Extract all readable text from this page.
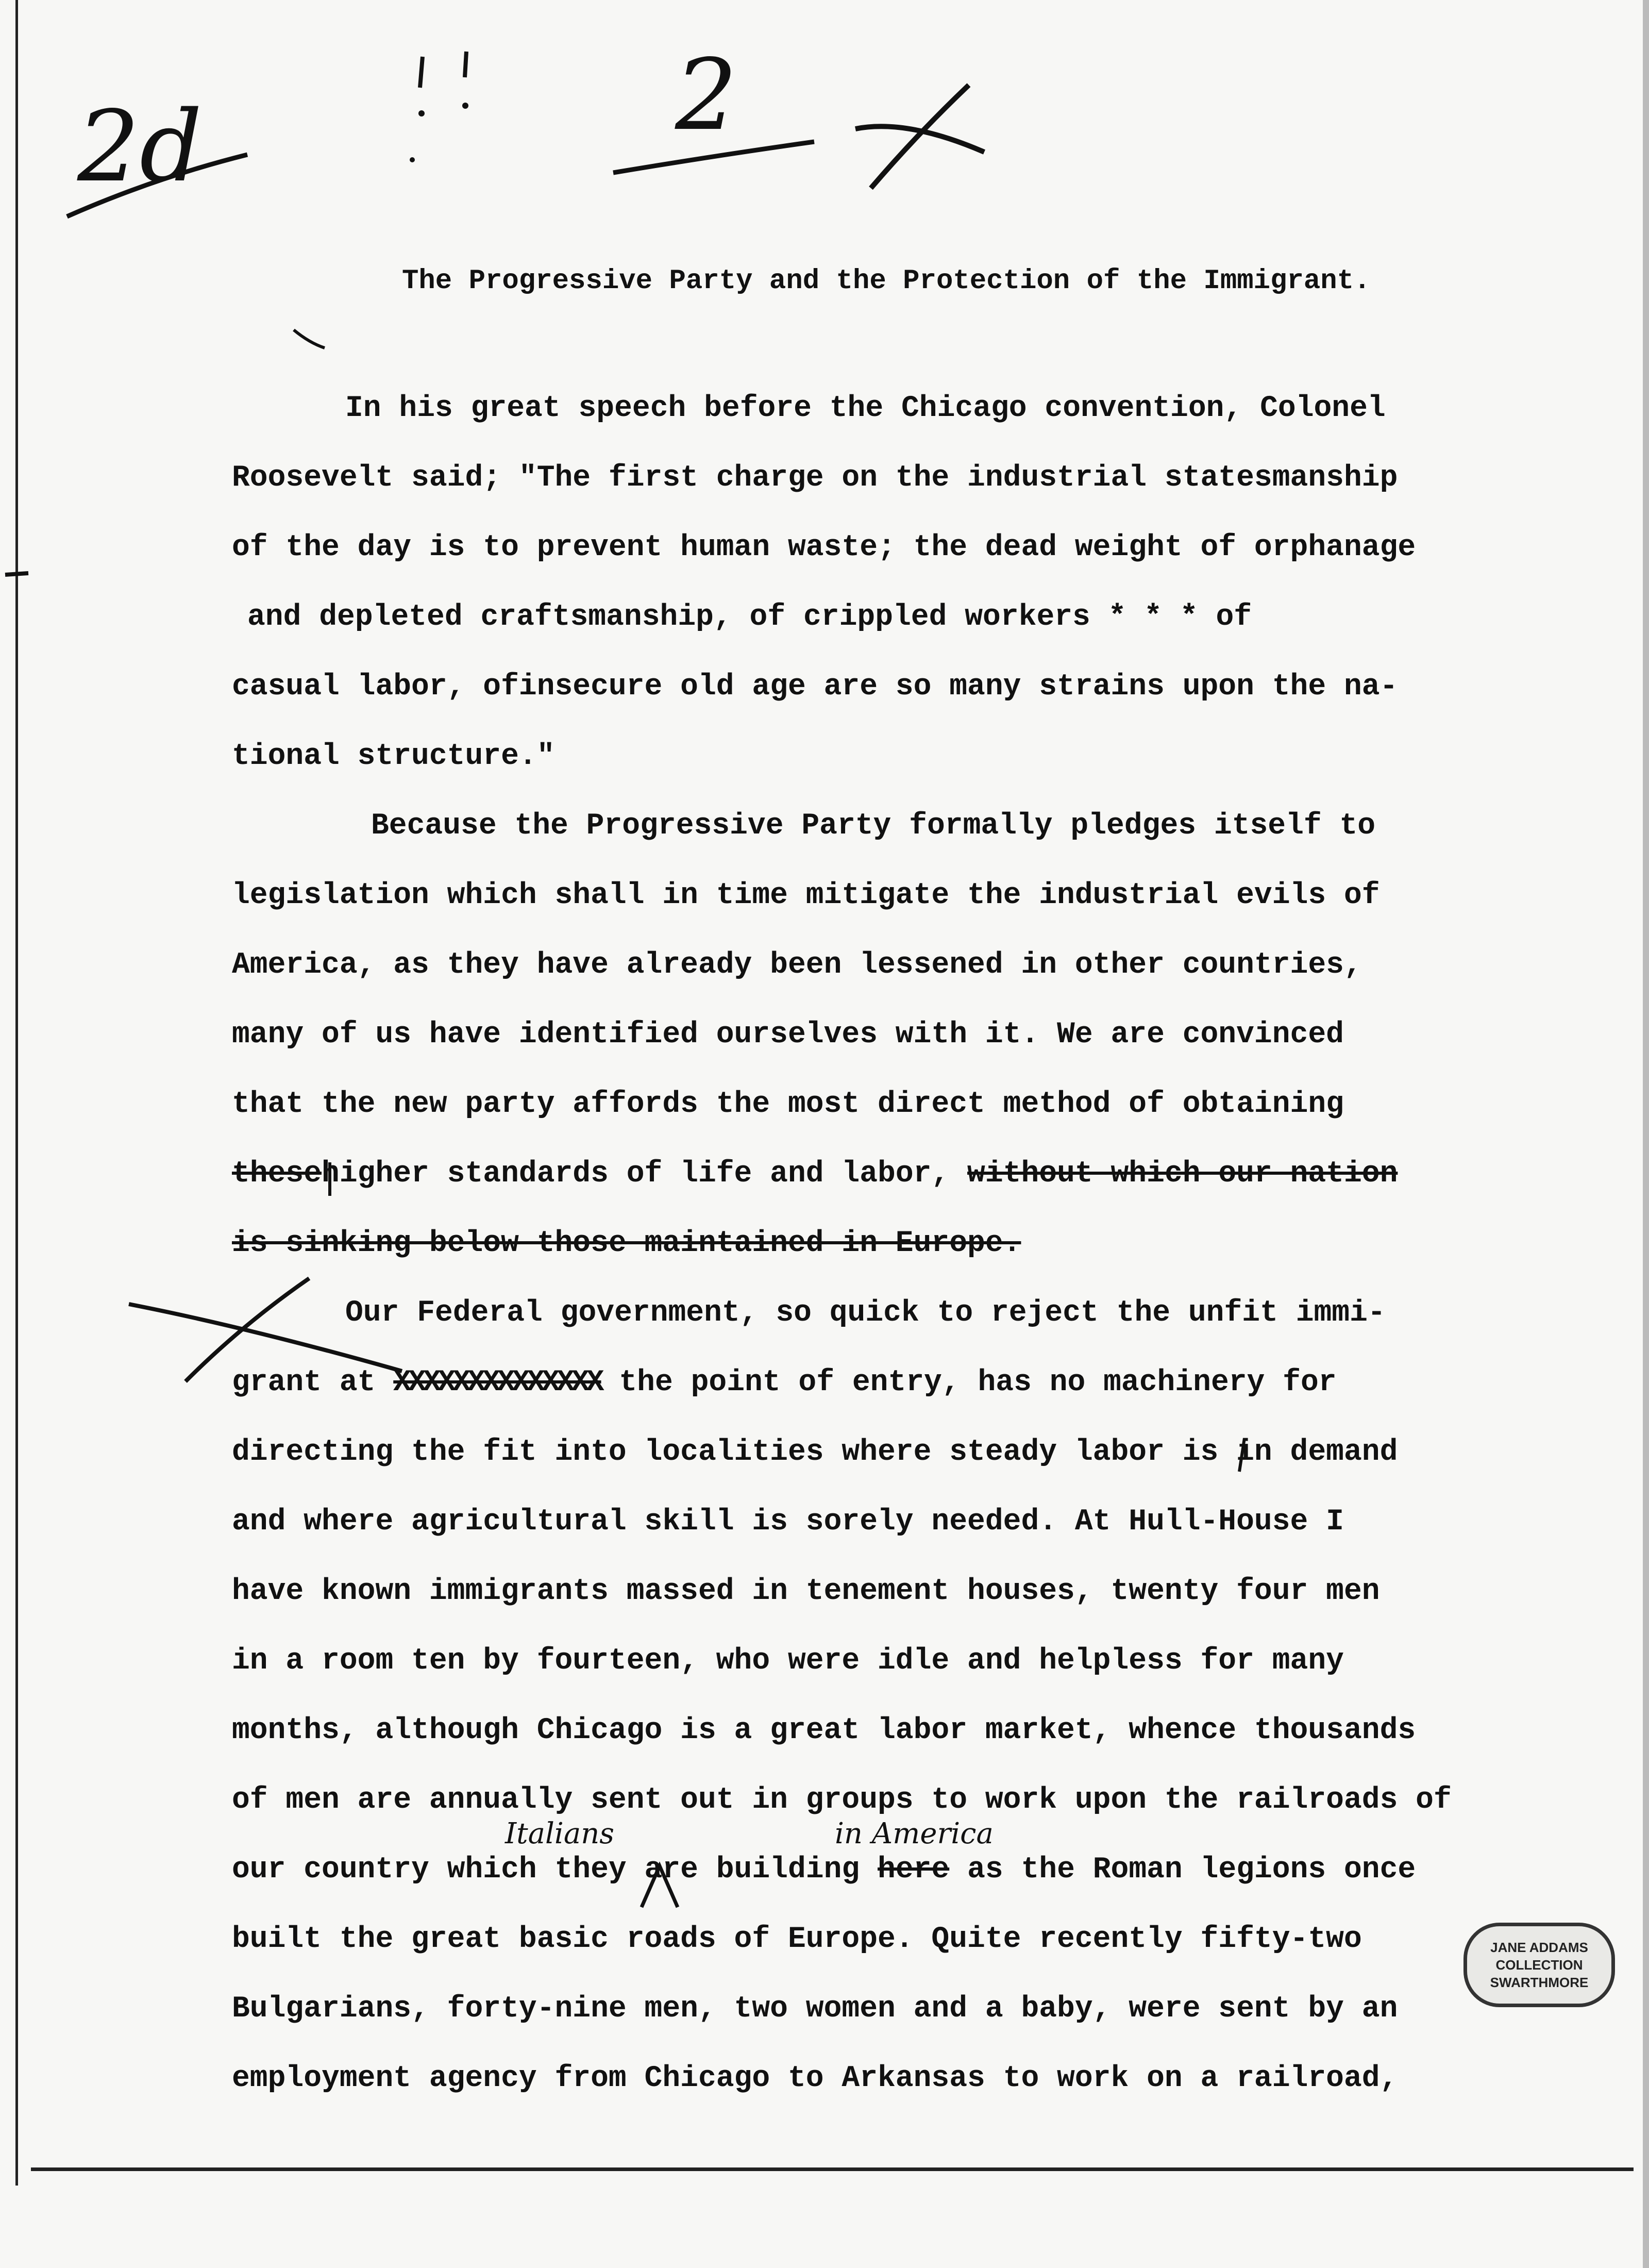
2d	2
The Progressive Party and the Protection of the Immigrant.
In his great speech before the Chicago convention, Colonel
Roosevelt said; "The first charge on the industrial statesmanship
of the day is to prevent human waste; the dead weight of orphanage
and depleted craftsmanship, of crippled workers * * * of
casual labor, ofinsecure old age are so many strains upon the na-
tional structure."
Because the Progressive Party formally pledges itself to
legislation which shall in time mitigate the industrial evils of
America, as they have already been lessened in other countries,
many of us have identified ourselves with it. We are convinced
that the new party affords the most direct method of obtaining
thesehigher standards of life and labor, without which our nation
is sinking below those maintained in Europe.
Our Federal government, so quick to reject the unfit immi-
grant at XXXXXXXXXXXXXX the point of entry, has no machinery for
directing the fit into localities where steady labor is in demand
and where agricultural skill is sorely needed. At Hull-House I
have known immigrants massed in tenement houses, twenty four men
in a room ten by fourteen, who were idle and helpless for many
months, although Chicago is a great labor market, whence thousands
of men are annually sent out in groups to work upon the railroads of
Italians	in America
our country which they are building here as the Roman legions once
built the great basic roads of Europe. Quite recently fifty-two
Bulgarians, forty-nine men, two women and a baby, were sent by an
employment agency from Chicago to Arkansas to work on a railroad,
JANE ADDAMS
COLLECTION
SWARTHMORE
